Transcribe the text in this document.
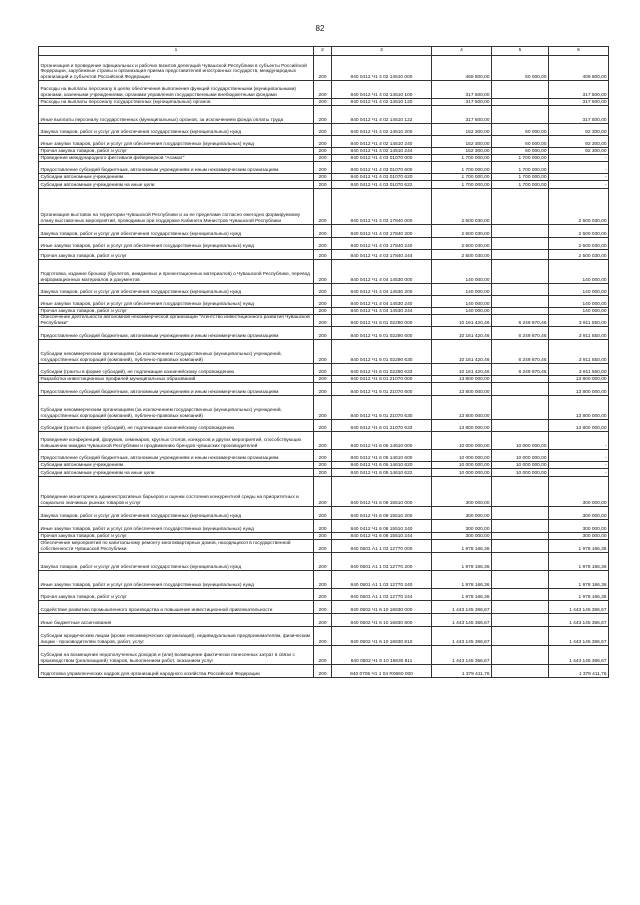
82
1	2	3	4	5	6
Организация и проведение официальных и рабочих визитов делегаций Чувашской Республики в субъекты Российской Федерации, зарубежные страны и организация приема представителей иностранных государств, международных организаций и субъектов Российской Федерации	200	840 0412 Ч1 4 02 14510 000	469 800,00	60 000,00	409 800,00
Расходы на выплаты персоналу в целях обеспечения выполнения функций государственными (муниципальными) органами, казенными учреждениями, органами управления государственными внебюджетными фондами	200	840 0412 Ч1 4 02 14510 100	317 500,00		317 500,00
Расходы на выплаты персоналу государственных (муниципальных) органов	200	840 0412 Ч1 4 02 14510 120	317 500,00		317 500,00
Иные выплаты персоналу государственных (муниципальных) органов, за исключением фонда оплаты труда	200	840 0412 Ч1 4 02 14510 122	317 500,00		317 500,00
Закупка товаров, работ и услуг для обеспечения государственных (муниципальных) нужд	200	840 0412 Ч1 4 02 14510 200	152 300,00	60 000,00	92 300,00
Иные закупки товаров, работ и услуг для обеспечения государственных (муниципальных) нужд	200	840 0412 Ч1 4 02 14510 240	152 300,00	60 000,00	92 300,00
Прочая закупка товаров, работ и услуг	200	840 0412 Ч1 4 02 14510 244	152 300,00	60 000,00	92 300,00
Проведение международного фестиваля фейерверков "Асамат"	200	840 0412 Ч1 4 03 01070 000	1 700 000,00	1 700 000,00	-
Предоставление субсидий бюджетным, автономным учреждениям и иным некоммерческим организациям	200	840 0412 Ч1 4 03 01070 600	1 700 000,00	1 700 000,00	-
Субсидии автономным учреждениям	200	840 0412 Ч1 4 03 01070 620	1 700 000,00	1 700 000,00	-
Субсидии автономным учреждениям на иные цели	200	840 0412 Ч1 4 03 01070 622	1 700 000,00	1 700 000,00	-
Организация выставок на территории Чувашской Республики и за ее пределами согласно ежегодно формируемому плану выставочных мероприятий, проводимых при поддержке Кабинета Министров Чувашской Республики	200	840 0412 Ч1 4 03 17840 000	2 500 030,00		2 500 030,00
Закупка товаров, работ и услуг для обеспечения государственных (муниципальных) нужд	200	840 0412 Ч1 4 03 17840 200	2 500 030,00		2 500 030,00
Иные закупки товаров, работ и услуг для обеспечения государственных (муниципальных) нужд	200	840 0412 Ч1 4 03 17840 240	2 500 030,00		2 500 030,00
Прочая закупка товаров, работ и услуг	200	840 0412 Ч1 4 03 17840 244	2 500 030,00		2 500 030,00
Подготовка, издание брошюр (буклетов, имиджевых и презентационных материалов) о Чувашской Республике, перевод информационных материалов и документов	200	840 0412 Ч1 4 04 14530 000	140 000,00		140 000,00
Закупка товаров, работ и услуг для обеспечения государственных (муниципальных) нужд	200	840 0412 Ч1 4 04 14530 200	140 000,00		140 000,00
Иные закупки товаров, работ и услуг для обеспечения государственных (муниципальных) нужд	200	840 0412 Ч1 4 04 14530 240	140 000,00		140 000,00
Прочая закупка товаров, работ и услуг	200	840 0412 Ч1 4 04 14530 244	140 000,00		140 000,00
Обеспечение деятельности автономной некоммерческой организации "Агентство инвестиционного развития Чувашской Республики"	200	840 0412 Ч1 6 01 02290 000	10 161 420,46	6 249 870,46	3 911 550,00
Предоставление субсидий бюджетным, автономным учреждениям и иным некоммерческим организациям	200	840 0412 Ч1 6 01 02290 600	10 161 420,46	6 249 870,46	3 911 550,00
Субсидии некоммерческим организациям (за исключением государственных (муниципальных) учреждений, государственных корпораций (компаний), публично-правовых компаний)	200	840 0412 Ч1 6 01 02290 630	10 161 420,46	6 249 870,46	3 911 550,00
Субсидии (гранты в форме субсидий), не подлежащие казначейскому сопровождению	200	840 0412 Ч1 6 01 02290 633	10 161 420,46	6 249 870,46	3 911 550,00
Разработка инвестиционных профилей муниципальных образований	200	840 0412 Ч1 6 01 21070 000	13 800 000,00		13 800 000,00
Предоставление субсидий бюджетным, автономным учреждениям и иным некоммерческим организациям	200	840 0412 Ч1 6 01 21070 600	13 800 000,00		13 800 000,00
Субсидии некоммерческим организациям (за исключением государственных (муниципальных) учреждений, государственных корпораций (компаний), публично-правовых компаний)	200	840 0412 Ч1 6 01 21070 630	13 800 000,00		13 800 000,00
Субсидии (гранты в форме субсидий), не подлежащие казначейскому сопровождению	200	840 0412 Ч1 6 01 21070 633	13 800 000,00		13 800 000,00
Проведение конференций, форумов, семинаров, круглых столов, конкурсов и других мероприятий, способствующих повышению имиджа Чувашской Республики и продвижению брендов чувашских производителей	200	840 0412 Ч1 6 05 14610 000	10 000 000,00	10 000 000,00	-
Предоставление субсидий бюджетным, автономным учреждениям и иным некоммерческим организациям	200	840 0412 Ч1 6 05 14610 600	10 000 000,00	10 000 000,00	-
Субсидии автономным учреждениям	200	840 0412 Ч1 6 05 14610 620	10 000 000,00	10 000 000,00	-
Субсидии автономным учреждениям на иные цели	200	840 0412 Ч1 6 05 14610 622	10 000 000,00	10 000 000,00	-
Проведение мониторинга административных барьеров и оценки состояния конкурентной среды на приоритетных и социально значимых рынках товаров и услуг	200	840 0412 Ч1 6 08 15510 000	300 000,00		300 000,00
Закупка товаров, работ и услуг для обеспечения государственных (муниципальных) нужд	200	840 0412 Ч1 6 08 15510 200	300 000,00		300 000,00
Иные закупки товаров, работ и услуг для обеспечения государственных (муниципальных) нужд	200	840 0412 Ч1 6 08 15510 240	300 000,00		300 000,00
Прочая закупка товаров, работ и услуг	200	840 0412 Ч1 6 08 15510 244	300 000,00		300 000,00
Обеспечение мероприятий по капитальному ремонту многоквартирных домов, находящихся в государственной собственности Чувашской Республики	200	840 0501 А1 1 03 12770 000	1 978 166,36		1 978 166,36
Закупка товаров, работ и услуг для обеспечения государственных (муниципальных) нужд	200	840 0501 А1 1 03 12770 200	1 978 166,36		1 978 166,36
Иные закупки товаров, работ и услуг для обеспечения государственных (муниципальных) нужд	200	840 0501 А1 1 03 12770 240	1 978 166,36		1 978 166,36
Прочая закупка товаров, работ и услуг	200	840 0501 А1 1 03 12770 244	1 978 166,36		1 978 166,36
Содействие развитию промышленного производства и повышение инвестиционной привлекательности	200	840 0502 Ч1 6 10 16830 000	1 443 145 366,67		1 443 145 366,67
Иные бюджетные ассигнования	200	840 0502 Ч1 6 10 16830 800	1 443 145 366,67		1 443 145 366,67
Субсидии юридическим лицам (кроме некоммерческих организаций), индивидуальным предпринимателям, физическим лицам - производителям товаров, работ, услуг	200	840 0502 Ч1 6 10 16830 810	1 443 145 366,67		1 443 145 366,67
Субсидии на возмещение недополученных доходов и (или) возмещение фактически понесенных затрат в связи с производством (реализацией) товаров, выполнением работ, оказанием услуг	200	840 0502 Ч1 6 10 16830 811	1 443 145 366,67		1 443 145 366,67
Подготовка управленческих кадров для организаций народного хозяйства Российской Федерации	200	840 0705 Ч1 1 04 R0660 000	1 379 411,76		1 379 411,76
